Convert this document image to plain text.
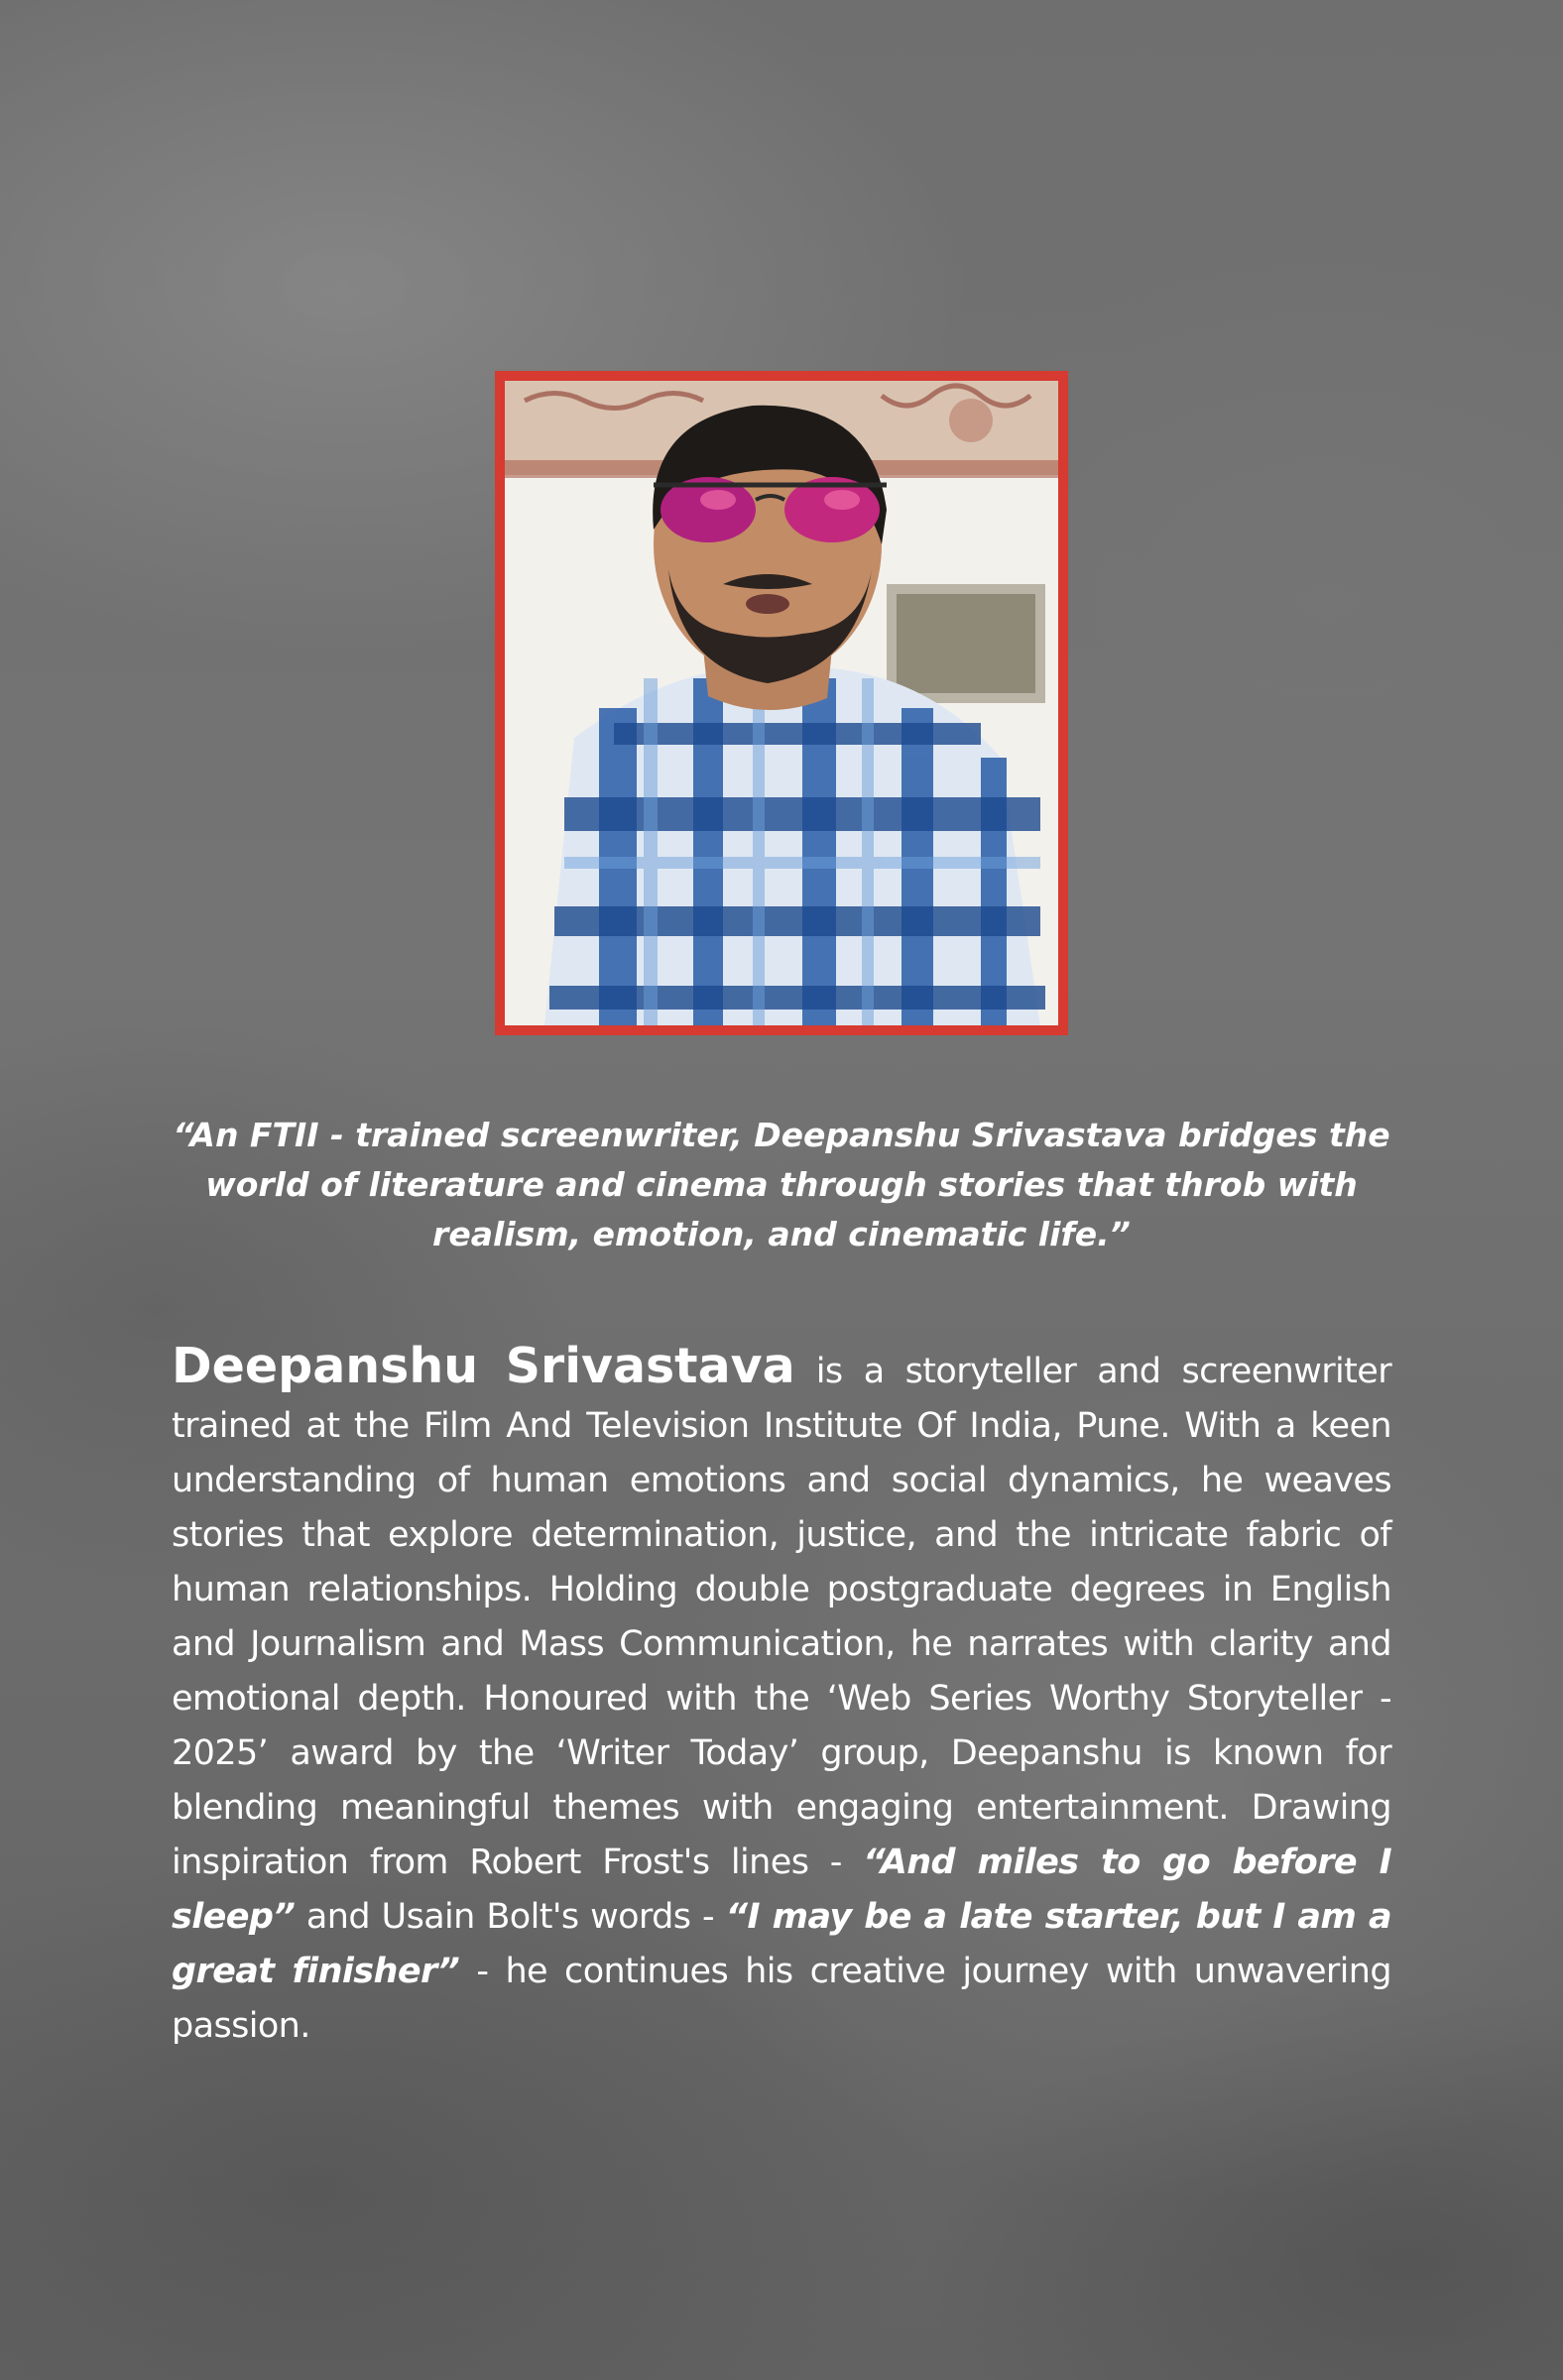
“An FTII - trained screenwriter, Deepanshu Srivastava bridges the world of literature and cinema through stories that throb with realism, emotion, and cinematic life.”

Deepanshu Srivastava is a storyteller and screenwriter trained at the Film And Television Institute Of India, Pune. With a keen understanding of human emotions and social dynamics, he weaves stories that explore determination, justice, and the intricate fabric of human relationships. Holding double postgraduate degrees in English and Journalism and Mass Communication, he narrates with clarity and emotional depth. Honoured with the ‘Web Series Worthy Storyteller - 2025’ award by the ‘Writer Today’ group, Deepanshu is known for blending meaningful themes with engaging entertainment. Drawing inspiration from Robert Frost's lines - “And miles to go before I sleep” and Usain Bolt's words - “I may be a late starter, but I am a great finisher” - he continues his creative journey with unwavering passion.
